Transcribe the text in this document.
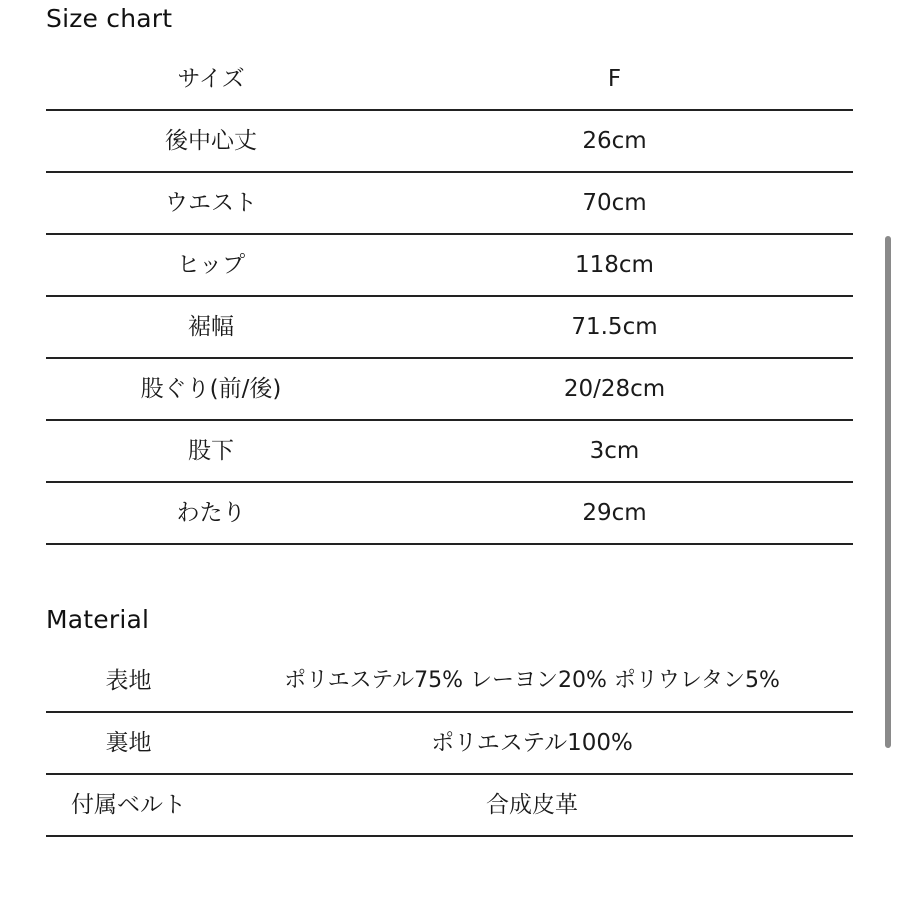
Size chart
サイズ	F
後中心丈	26cm
ウエスト	70cm
ヒップ	118cm
裾幅	71.5cm
股ぐり(前/後)	20/28cm
股下	3cm
わたり	29cm
Material
表地	ポリエステル75% レーヨン20% ポリウレタン5%
裏地	ポリエステル100%
付属ベルト	合成皮革
